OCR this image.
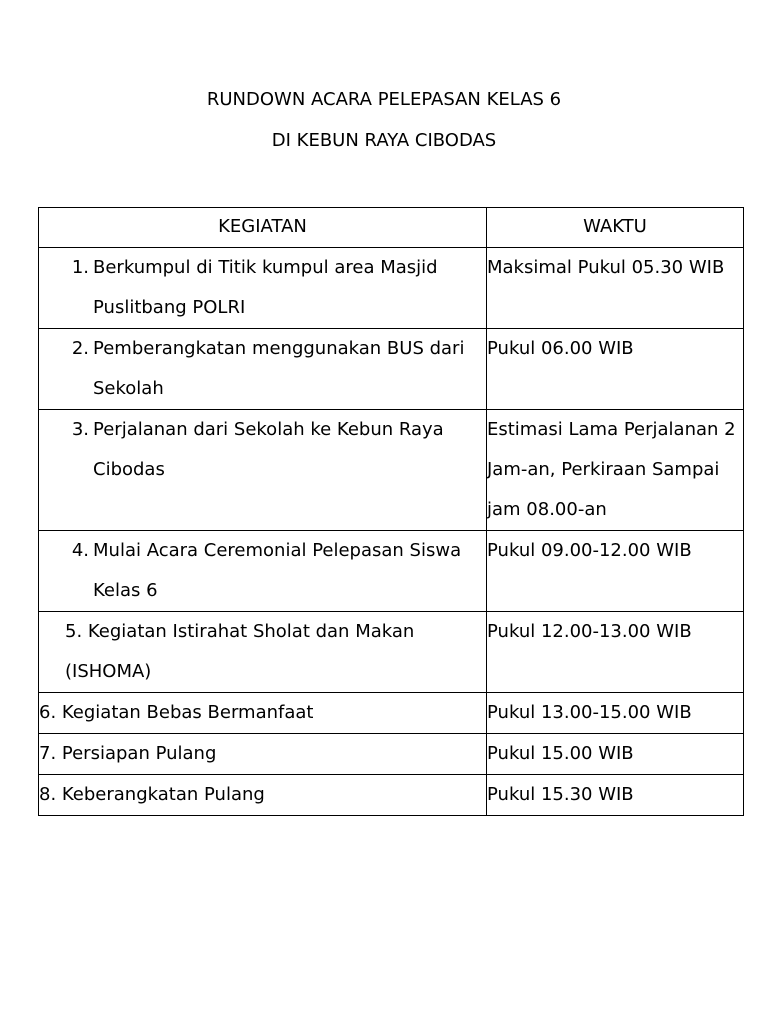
RUNDOWN ACARA PELEPASAN KELAS 6
DI KEBUN RAYA CIBODAS
KEGIATAN	WAKTU

1. Berkumpul di Titik kumpul area Masjid Puslitbang POLRI	Maksimal Pukul 05.30 WIB

2. Pemberangkatan menggunakan BUS dari Sekolah	Pukul 06.00 WIB

3. Perjalanan dari Sekolah ke Kebun Raya Cibodas	Estimasi Lama Perjalanan 2 Jam-an, Perkiraan Sampai jam 08.00-an

4. Mulai Acara Ceremonial Pelepasan Siswa Kelas 6	Pukul 09.00-12.00 WIB

5. Kegiatan Istirahat Sholat dan Makan (ISHOMA)	Pukul 12.00-13.00 WIB
6. Kegiatan Bebas Bermanfaat	Pukul 13.00-15.00 WIB
7. Persiapan Pulang	Pukul 15.00 WIB
8. Keberangkatan Pulang	Pukul 15.30 WIB
